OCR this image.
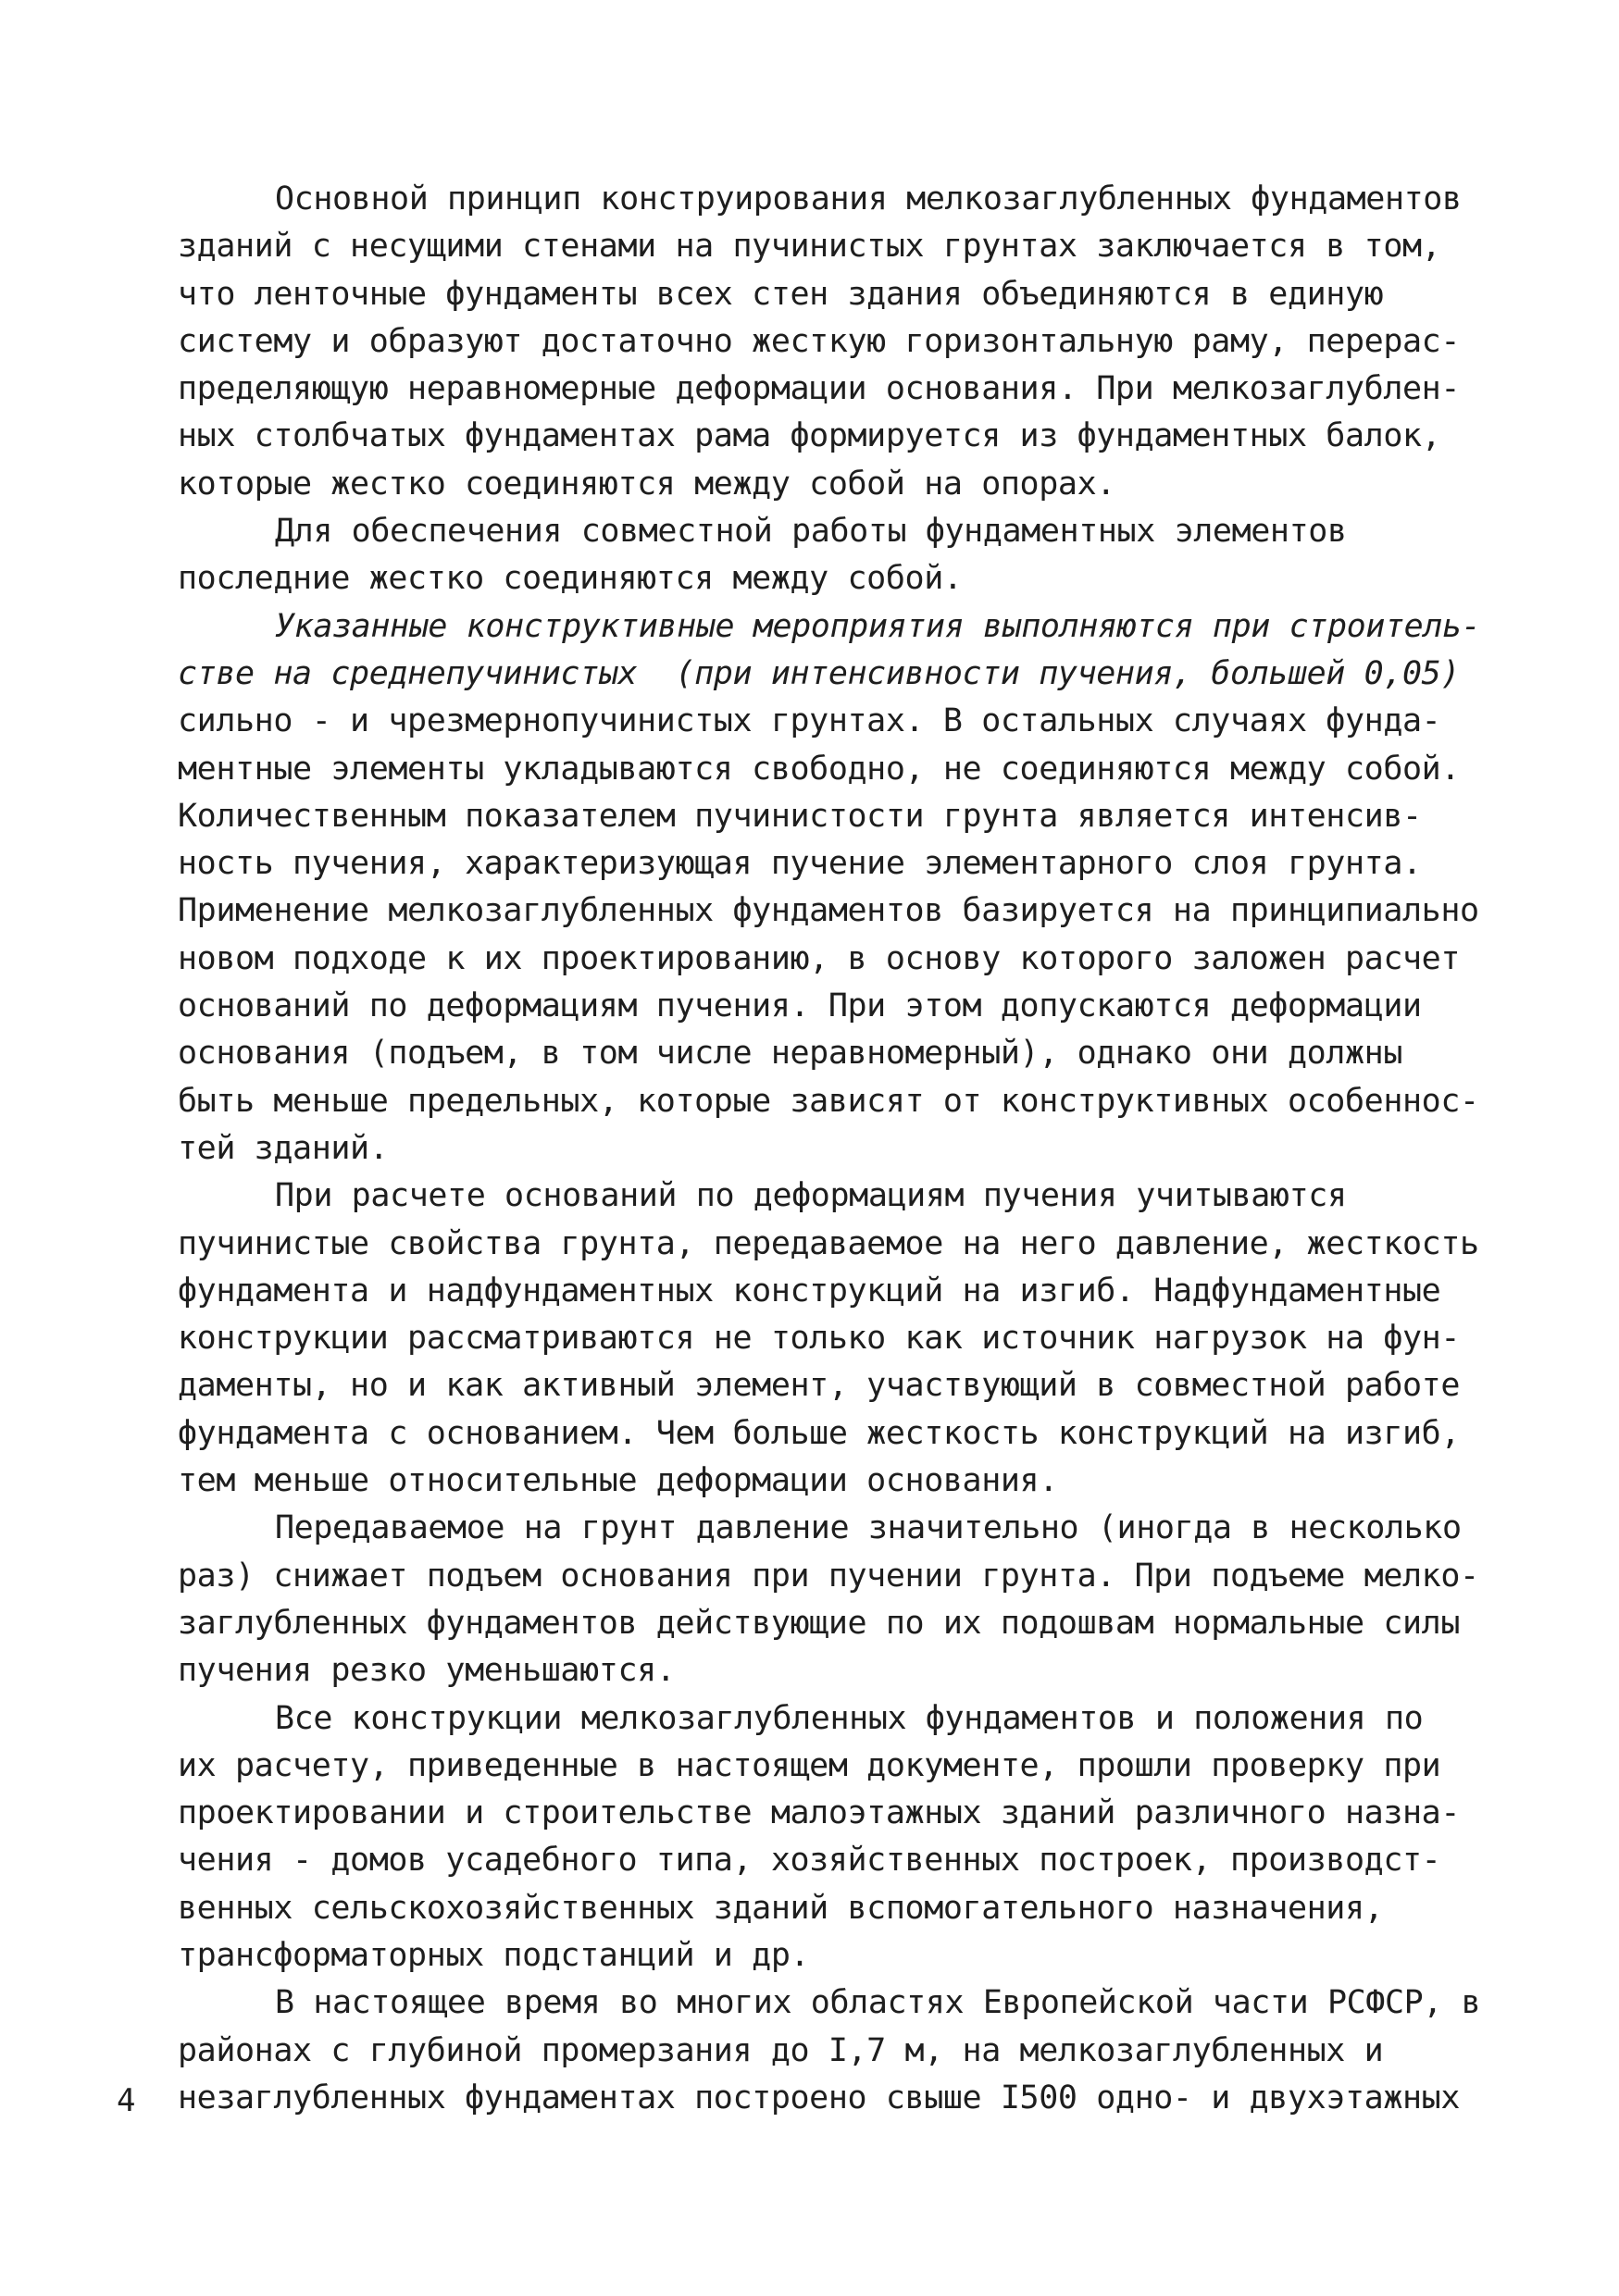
Основной принцип конструирования мелкозаглубленных фундаментов
зданий с несущими стенами на пучинистых грунтах заключается в том,
что ленточные фундаменты всех стен здания объединяются в единую
систему и образуют достаточно жесткую горизонтальную раму, перерас-
пределяющую неравномерные деформации основания. При мелкозаглублен-
ных столбчатых фундаментах рама формируется из фундаментных балок,
которые жестко соединяются между собой на опорах.
Для обеспечения совместной работы фундаментных элементов
последние жестко соединяются между собой.
Указанные конструктивные мероприятия выполняются при строитель-
стве на среднепучинистых  (при интенсивности пучения, большей 0,05)
сильно - и чрезмернопучинистых грунтах. В остальных случаях фунда-
ментные элементы укладываются свободно, не соединяются между собой.
Количественным показателем пучинистости грунта является интенсив-
ность пучения, характеризующая пучение элементарного слоя грунта.
Применение мелкозаглубленных фундаментов базируется на принципиально
новом подходе к их проектированию, в основу которого заложен расчет
оснований по деформациям пучения. При этом допускаются деформации
основания (подъем, в том числе неравномерный), однако они должны
быть меньше предельных, которые зависят от конструктивных особеннос-
тей зданий.
При расчете оснований по деформациям пучения учитываются
пучинистые свойства грунта, передаваемое на него давление, жесткость
фундамента и надфундаментных конструкций на изгиб. Надфундаментные
конструкции рассматриваются не только как источник нагрузок на фун-
даменты, но и как активный элемент, участвующий в совместной работе
фундамента с основанием. Чем больше жесткость конструкций на изгиб,
тем меньше относительные деформации основания.
Передаваемое на грунт давление значительно (иногда в несколько
раз) снижает подъем основания при пучении грунта. При подъеме мелко-
заглубленных фундаментов действующие по их подошвам нормальные силы
пучения резко уменьшаются.
Все конструкции мелкозаглубленных фундаментов и положения по
их расчету, приведенные в настоящем документе, прошли проверку при
проектировании и строительстве малоэтажных зданий различного назна-
чения - домов усадебного типа, хозяйственных построек, производст-
венных сельскохозяйственных зданий вспомогательного назначения,
трансформаторных подстанций и др.
В настоящее время во многих областях Европейской части РСФСР, в
районах с глубиной промерзания до I,7 м, на мелкозаглубленных и
незаглубленных фундаментах построено свыше I500 одно- и двухэтажных
4
